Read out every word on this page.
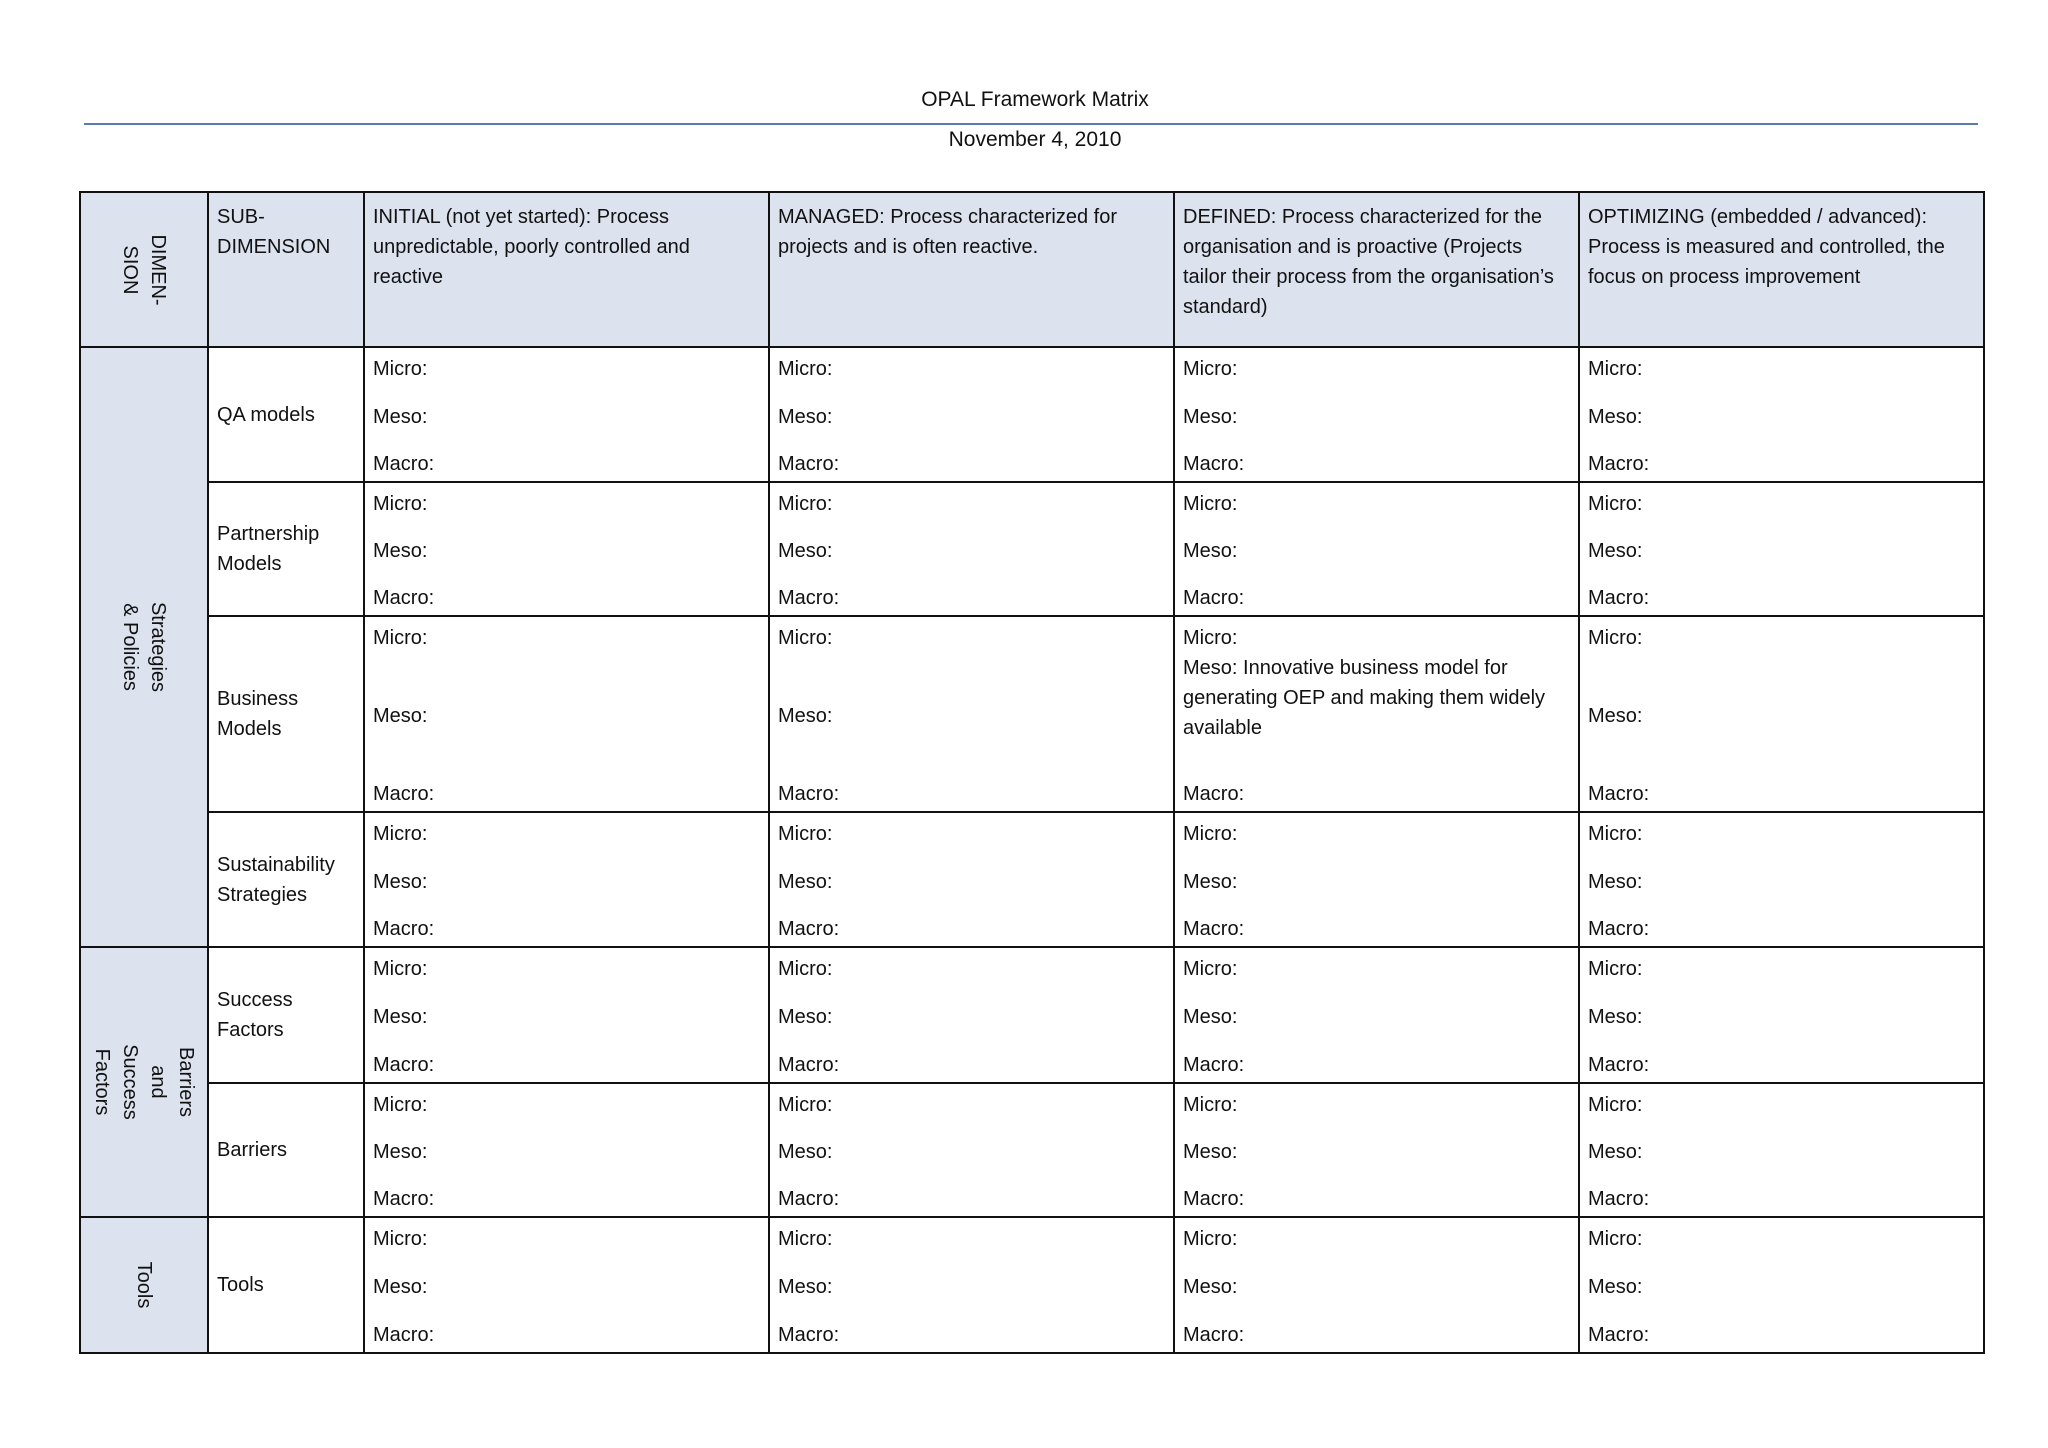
OPAL Framework Matrix
November 4, 2010
DIMEN-
SION	SUB-
DIMENSION	INITIAL (not yet started): Process unpredictable, poorly controlled and reactive	MANAGED: Process characterized for projects and is often reactive.	DEFINED: Process characterized for the organisation and is proactive (Projects tailor their process from the organisation’s standard)	OPTIMIZING (embedded / advanced): Process is measured and controlled, the focus on process improvement

Strategies & Policies	QA models	Micro:
Meso:
Macro:	Micro:
Meso:
Macro:	Micro:
Meso:
Macro:	Micro:
Meso:
Macro:

	Partnership
Models	Micro:
Meso:
Macro:	Micro:
Meso:
Macro:	Micro:
Meso:
Macro:	Micro:
Meso:
Macro:

	Business
Models	Micro:
Meso:
Macro:	Micro:
Meso:
Macro:	Micro:
Meso: Innovative business model for generating OEP and making them widely available
Macro:	Micro:
Meso:
Macro:

	Sustainability
Strategies	Micro:
Meso:
Macro:	Micro:
Meso:
Macro:	Micro:
Meso:
Macro:	Micro:
Meso:
Macro:

Barriers and Success
Factors	Success
Factors	Micro:
Meso:
Macro:	Micro:
Meso:
Macro:	Micro:
Meso:
Macro:	Micro:
Meso:
Macro:

	Barriers	Micro:
Meso:
Macro:	Micro:
Meso:
Macro:	Micro:
Meso:
Macro:	Micro:
Meso:
Macro:

Tools	Tools	Micro:
Meso:
Macro:	Micro:
Meso:
Macro:	Micro:
Meso:
Macro:	Micro:
Meso:
Macro:
